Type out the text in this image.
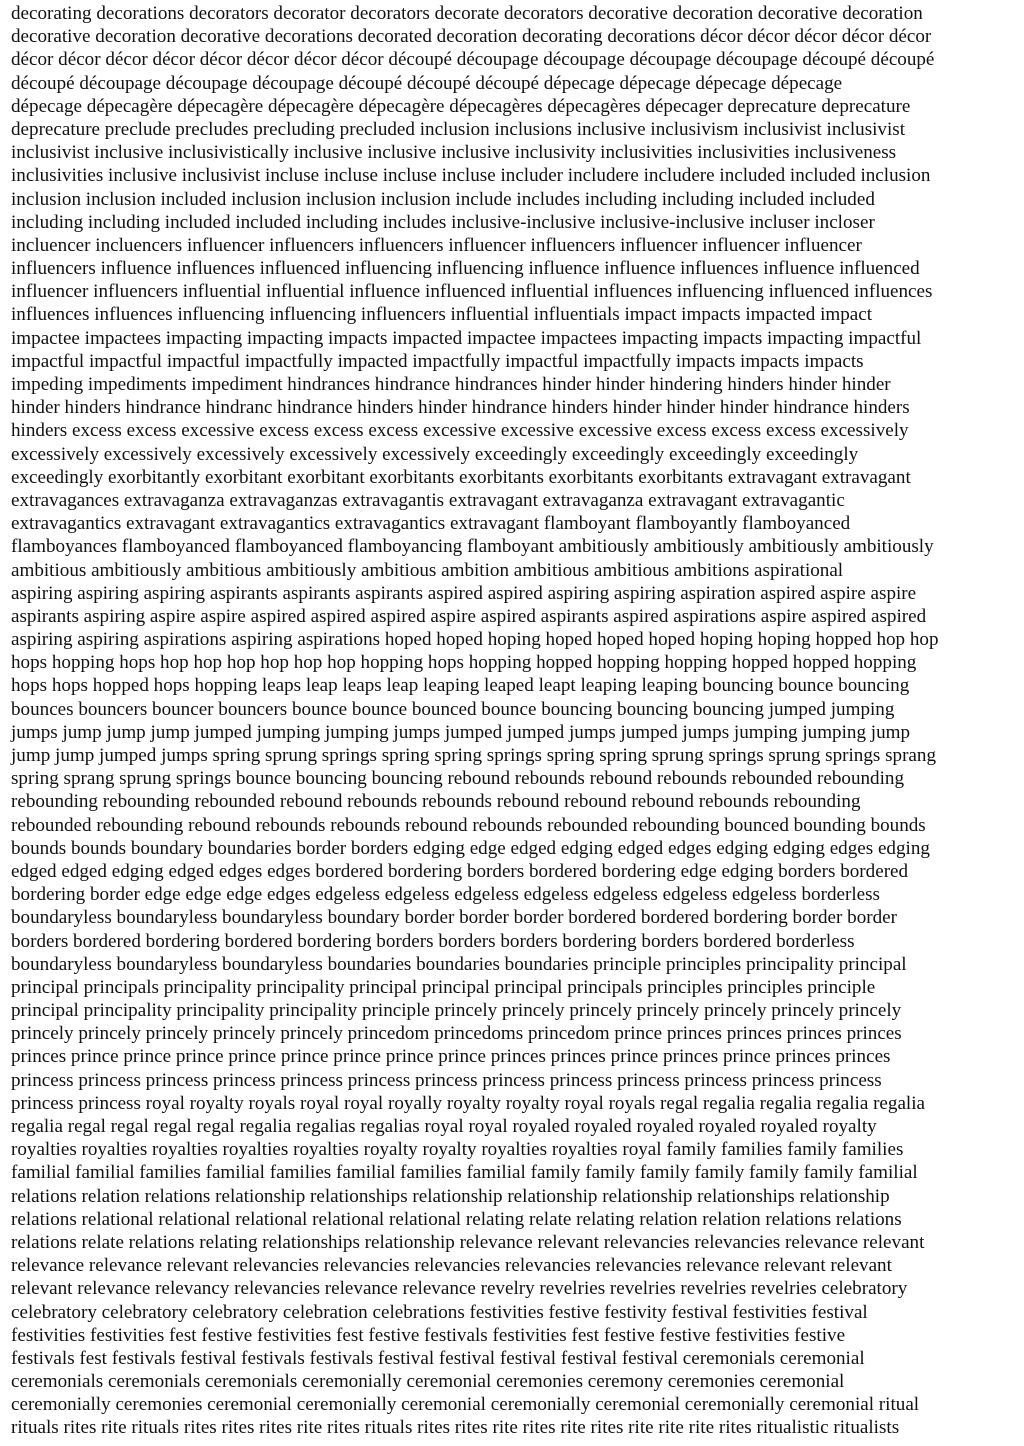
decorating decorations decorators decorator decorators decorate decorators decorative decoration decorative decoration
decorative decoration decorative decorations decorated decoration decorating decorations décor décor décor décor décor
décor décor décor décor décor décor décor décor découpé découpage découpage découpage découpage découpé découpé
découpé découpage découpage découpage découpé découpé découpé dépecage dépecage dépecage dépecage
dépecage dépecagère dépecagère dépecagère dépecagère dépecagères dépecagères dépecager deprecature deprecature
deprecature preclude precludes precluding precluded inclusion inclusions inclusive inclusivism inclusivist inclusivist
inclusivist inclusive inclusivistically inclusive inclusive inclusive inclusivity inclusivities inclusivities inclusiveness
inclusivities inclusive inclusivist incluse incluse incluse incluse includer includere includere included included inclusion
inclusion inclusion included inclusion inclusion inclusion include includes including including included included
including including included included including includes inclusive-inclusive inclusive-inclusive incluser incloser
incluencer incluencers influencer influencers influencers influencer influencers influencer influencer influencer
influencers influence influences influenced influencing influencing influence influence influences influence influenced
influencer influencers influential influential influence influenced influential influences influencing influenced influences
influences influences influencing influencing influencers influential influentials impact impacts impacted impact
impactee impactees impacting impacting impacts impacted impactee impactees impacting impacts impacting impactful
impactful impactful impactful impactfully impacted impactfully impactful impactfully impacts impacts impacts
impeding impediments impediment hindrances hindrance hindrances hinder hinder hindering hinders hinder hinder
hinder hinders hindrance hindranc hindrance hinders hinder hindrance hinders hinder hinder hinder hindrance hinders
hinders excess excess excessive excess excess excess excessive excessive excessive excess excess excess excessively
excessively excessively excessively excessively excessively exceedingly exceedingly exceedingly exceedingly
exceedingly exorbitantly exorbitant exorbitant exorbitants exorbitants exorbitants exorbitants extravagant extravagant
extravagances extravaganza extravaganzas extravagantis extravagant extravaganza extravagant extravagantic
extravagantics extravagant extravagantics extravagantics extravagant flamboyant flamboyantly flamboyanced
flamboyances flamboyanced flamboyanced flamboyancing flamboyant ambitiously ambitiously ambitiously ambitiously
ambitious ambitiously ambitious ambitiously ambitious ambition ambitious ambitious ambitions aspirational
aspiring aspiring aspiring aspirants aspirants aspirants aspired aspired aspiring aspiring aspiration aspired aspire aspire
aspirants aspiring aspire aspire aspired aspired aspired aspire aspired aspirants aspired aspirations aspire aspired aspired
aspiring aspiring aspirations aspiring aspirations hoped hoped hoping hoped hoped hoped hoping hoping hopped hop hop
hops hopping hops hop hop hop hop hop hop hopping hops hopping hopped hopping hopping hopped hopped hopping
hops hops hopped hops hopping leaps leap leaps leap leaping leaped leapt leaping leaping bouncing bounce bouncing
bounces bouncers bouncer bouncers bounce bounce bounced bounce bouncing bouncing bouncing jumped jumping
jumps jump jump jump jumped jumping jumping jumps jumped jumped jumps jumped jumps jumping jumping jump
jump jump jumped jumps spring sprung springs spring spring springs spring spring sprung springs sprung springs sprang
spring sprang sprung springs bounce bouncing bouncing rebound rebounds rebound rebounds rebounded rebounding
rebounding rebounding rebounded rebound rebounds rebounds rebound rebound rebound rebounds rebounding
rebounded rebounding rebound rebounds rebounds rebound rebounds rebounded rebounding bounced bounding bounds
bounds bounds boundary boundaries border borders edging edge edged edging edged edges edging edging edges edging
edged edged edging edged edges edges bordered bordering borders bordered bordering edge edging borders bordered
bordering border edge edge edge edges edgeless edgeless edgeless edgeless edgeless edgeless edgeless borderless
boundaryless boundaryless boundaryless boundary border border border bordered bordered bordering border border
borders bordered bordering bordered bordering borders borders borders bordering borders bordered borderless
boundaryless boundaryless boundaryless boundaries boundaries boundaries principle principles principality principal
principal principals principality principality principal principal principal principals principles principles principle
principal principality principality principality principle princely princely princely princely princely princely princely
princely princely princely princely princely princedom princedoms princedom prince princes princes princes princes
princes prince prince prince prince prince prince prince prince princes princes prince princes prince princes princes
princess princess princess princess princess princess princess princess princess princess princess princess princess
princess princess royal royalty royals royal royal royally royalty royalty royal royals regal regalia regalia regalia regalia
regalia regal regal regal regal regalia regalias regalias royal royal royaled royaled royaled royaled royaled royalty
royalties royalties royalties royalties royalties royalty royalty royalties royalties royal family families family families
familial familial families familial families familial families familial family family family family family family familial
relations relation relations relationship relationships relationship relationship relationship relationships relationship
relations relational relational relational relational relational relating relate relating relation relation relations relations
relations relate relations relating relationships relationship relevance relevant relevancies relevancies relevance relevant
relevance relevance relevant relevancies relevancies relevancies relevancies relevancies relevance relevant relevant
relevant relevance relevancy relevancies relevance relevance revelry revelries revelries revelries revelries celebratory
celebratory celebratory celebratory celebration celebrations festivities festive festivity festival festivities festival
festivities festivities fest festive festivities fest festive festivals festivities fest festive festive festivities festive
festivals fest festivals festival festivals festivals festival festival festival festival festival ceremonials ceremonial
ceremonials ceremonials ceremonials ceremonially ceremonial ceremonies ceremony ceremonies ceremonial
ceremonially ceremonies ceremonial ceremonially ceremonial ceremonially ceremonial ceremonially ceremonial ritual
rituals rites rite rituals rites rites rites rite rites rituals rites rites rite rites rite rites rite rite rite rites ritualistic ritualists
